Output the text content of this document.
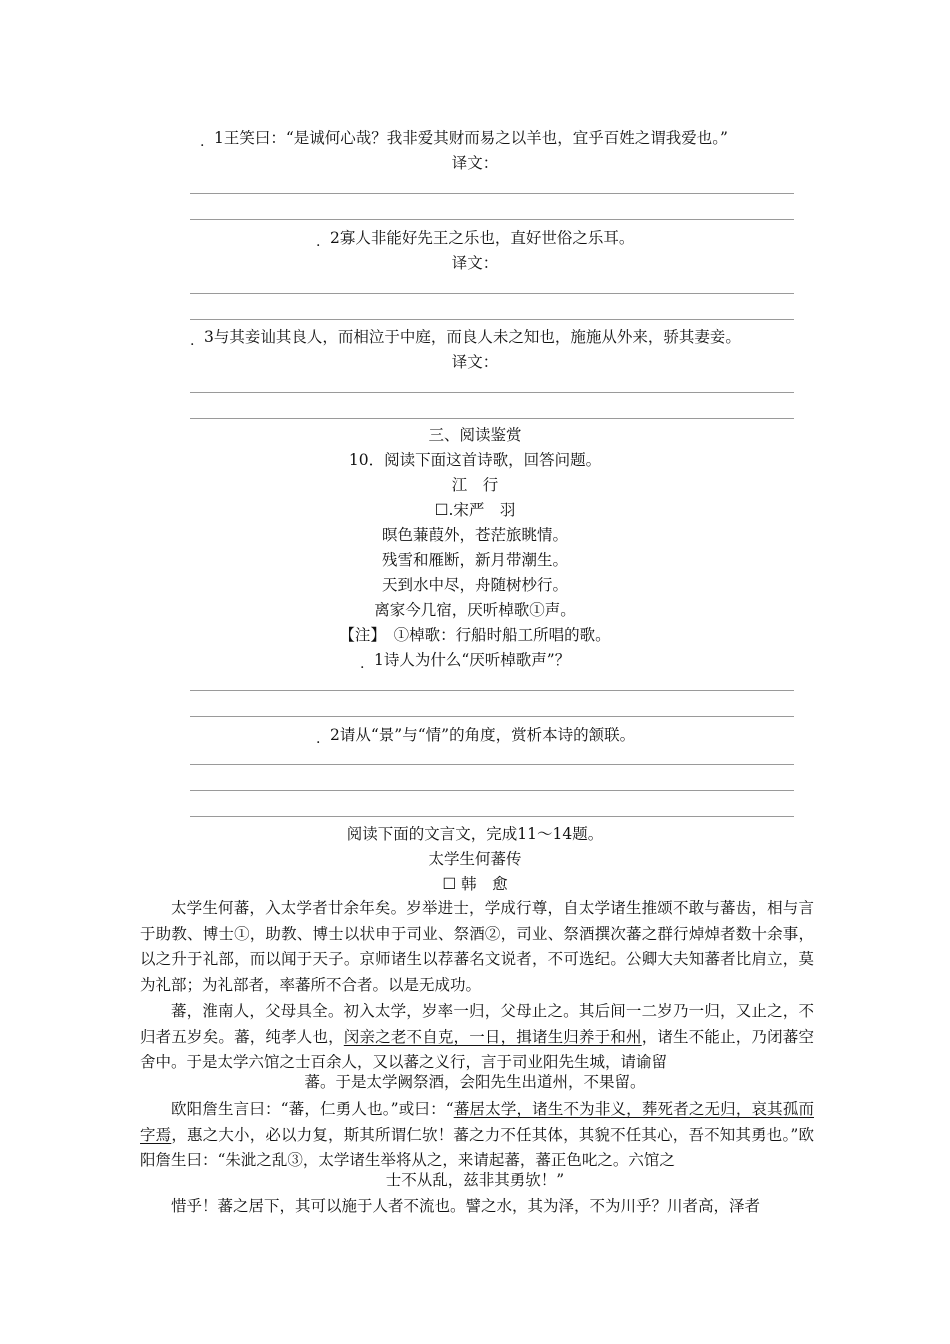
. 1王笑曰：“是诚何心哉？我非爱其财而易之以羊也，宜乎百姓之谓我爱也。”
译文：
. 2寡人非能好先王之乐也，直好世俗之乐耳。
译文：
. 3与其妾讪其良人，而相泣于中庭，而良人未之知也，施施从外来，骄其妻妾。
译文：
三、阅读鉴赏
10．阅读下面这首诗歌，回答问题。
江　行
☐.宋严　羽
暝色蒹葭外，苍茫旅眺情。
残雪和雁断，新月带潮生。
天到水中尽，舟随树杪行。
离家今几宿，厌听棹歌①声。
【注】　①棹歌：行船时船工所唱的歌。
. 1诗人为什么“厌听棹歌声”？
. 2请从“景”与“情”的角度，赏析本诗的颔联。
阅读下面的文言文，完成11～14题。
太学生何蕃传
☐ 韩　愈
太学生何蕃，入太学者廿余年矣。岁举进士，学成行尊，自太学诸生推颂不敢与蕃齿，相与言于助教、博士①，助教、博士以状申于司业、祭酒②，司业、祭酒撰次蕃之群行焯焯者数十余事，以之升于礼部，而以闻于天子。京师诸生以荐蕃名文说者，不可选纪。公卿大夫知蕃者比肩立，莫为礼部；为礼部者，率蕃所不合者。以是无成功。
蕃，淮南人，父母具全。初入太学，岁率一归，父母止之。其后间一二岁乃一归，又止之，不归者五岁矣。蕃，纯孝人也，闵亲之老不自克，一日，揖诸生归养于和州，诸生不能止，乃闭蕃空舍中。于是太学六馆之士百余人，又以蕃之义行，言于司业阳先生城，请谕留
蕃。于是太学阙祭酒，会阳先生出道州，不果留。
欧阳詹生言曰：“蕃，仁勇人也。”或曰：“蕃居太学，诸生不为非义，葬死者之无归，哀其孤而字焉，惠之大小，必以力复，斯其所谓仁欤！蕃之力不任其体，其貌不任其心，吾不知其勇也。”欧阳詹生曰：“朱泚之乱③，太学诸生举将从之，来请起蕃，蕃正色叱之。六馆之
士不从乱，兹非其勇欤！”
惜乎！蕃之居下，其可以施于人者不流也。譬之水，其为泽，不为川乎？川者高，泽者
